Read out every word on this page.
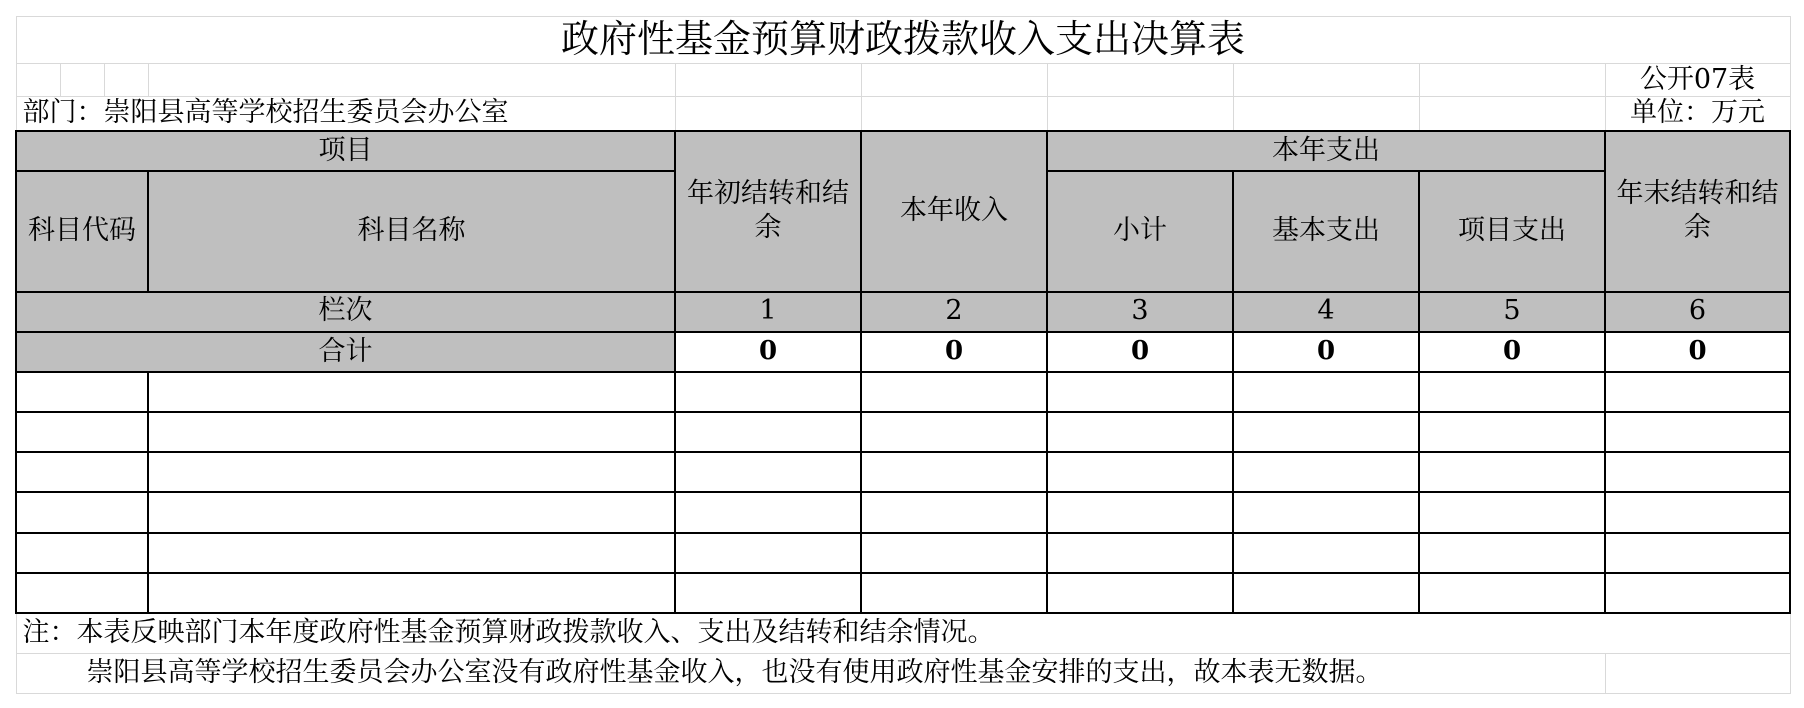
政府性基金预算财政拨款收入支出决算表									
									公开07表
部门：崇阳县高等学校招生委员会办公室									单位：万元
项目				年初结转和结余	本年收入	本年支出			年末结转和结余
科目代码			科目名称			小计	基本支出	项目支出	
栏次				1	2	3	4	5	6
合计				0	0	0	0	0	0

注：本表反映部门本年度政府性基金预算财政拨款收入、支出及结转和结余情况。									
崇阳县高等学校招生委员会办公室没有政府性基金收入，也没有使用政府性基金安排的支出，故本表无数据。									
